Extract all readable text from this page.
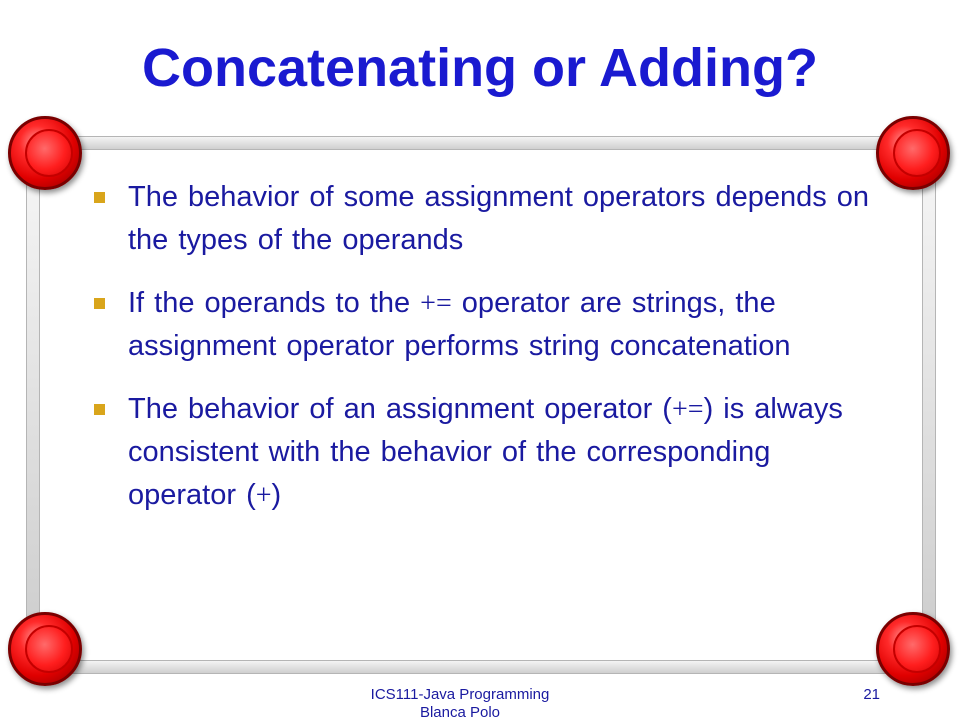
Concatenating or Adding?
The behavior of some assignment operators depends on the types of the operands
If the operands to the += operator are strings, the assignment operator performs string concatenation
The behavior of an assignment operator (+=) is always consistent with the behavior of the corresponding operator (+)
ICS111-Java Programming
Blanca Polo
21
